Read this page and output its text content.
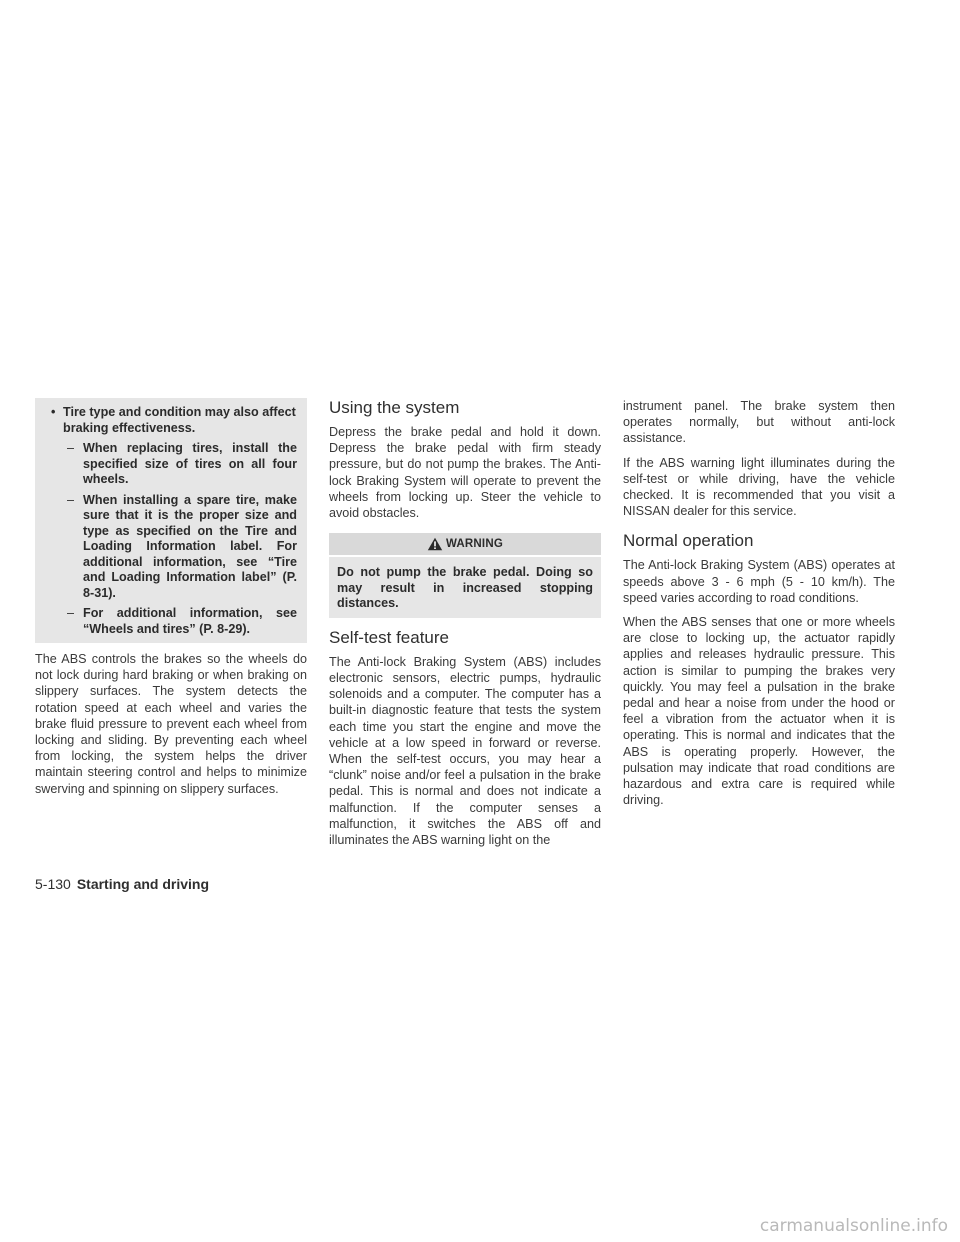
• Tire type and condition may also affect braking effectiveness.
– When replacing tires, install the specified size of tires on all four wheels.
– When installing a spare tire, make sure that it is the proper size and type as specified on the Tire and Loading Information label. For additional information, see “Tire and Loading Information label” (P. 8-31).
– For additional information, see “Wheels and tires” (P. 8-29).

The ABS controls the brakes so the wheels do not lock during hard braking or when braking on slippery surfaces. The system detects the rotation speed at each wheel and varies the brake fluid pressure to prevent each wheel from locking and sliding. By preventing each wheel from locking, the system helps the driver maintain steering control and helps to minimize swerving and spinning on slippery surfaces.

Using the system

Depress the brake pedal and hold it down. Depress the brake pedal with firm steady pressure, but do not pump the brakes. The Anti-lock Braking System will operate to prevent the wheels from locking up. Steer the vehicle to avoid obstacles.

WARNING
Do not pump the brake pedal. Doing so may result in increased stopping distances.
Self-test feature

The Anti-lock Braking System (ABS) includes electronic sensors, electric pumps, hydraulic solenoids and a computer. The computer has a built-in diagnostic feature that tests the system each time you start the engine and move the vehicle at a low speed in forward or reverse. When the self-test occurs, you may hear a “clunk” noise and/or feel a pulsation in the brake pedal. This is normal and does not indicate a malfunction. If the computer senses a malfunction, it switches the ABS off and illuminates the ABS warning light on the

instrument panel. The brake system then operates normally, but without anti-lock assistance.

If the ABS warning light illuminates during the self-test or while driving, have the vehicle checked. It is recommended that you visit a NISSAN dealer for this service.

Normal operation

The Anti-lock Braking System (ABS) operates at speeds above 3 - 6 mph (5 - 10 km/h). The speed varies according to road conditions.

When the ABS senses that one or more wheels are close to locking up, the actuator rapidly applies and releases hydraulic pressure. This action is similar to pumping the brakes very quickly. You may feel a pulsation in the brake pedal and hear a noise from under the hood or feel a vibration from the actuator when it is operating. This is normal and indicates that the ABS is operating properly. However, the pulsation may indicate that road conditions are hazardous and extra care is required while driving.

5-130 Starting and driving
carmanualsonline.info
